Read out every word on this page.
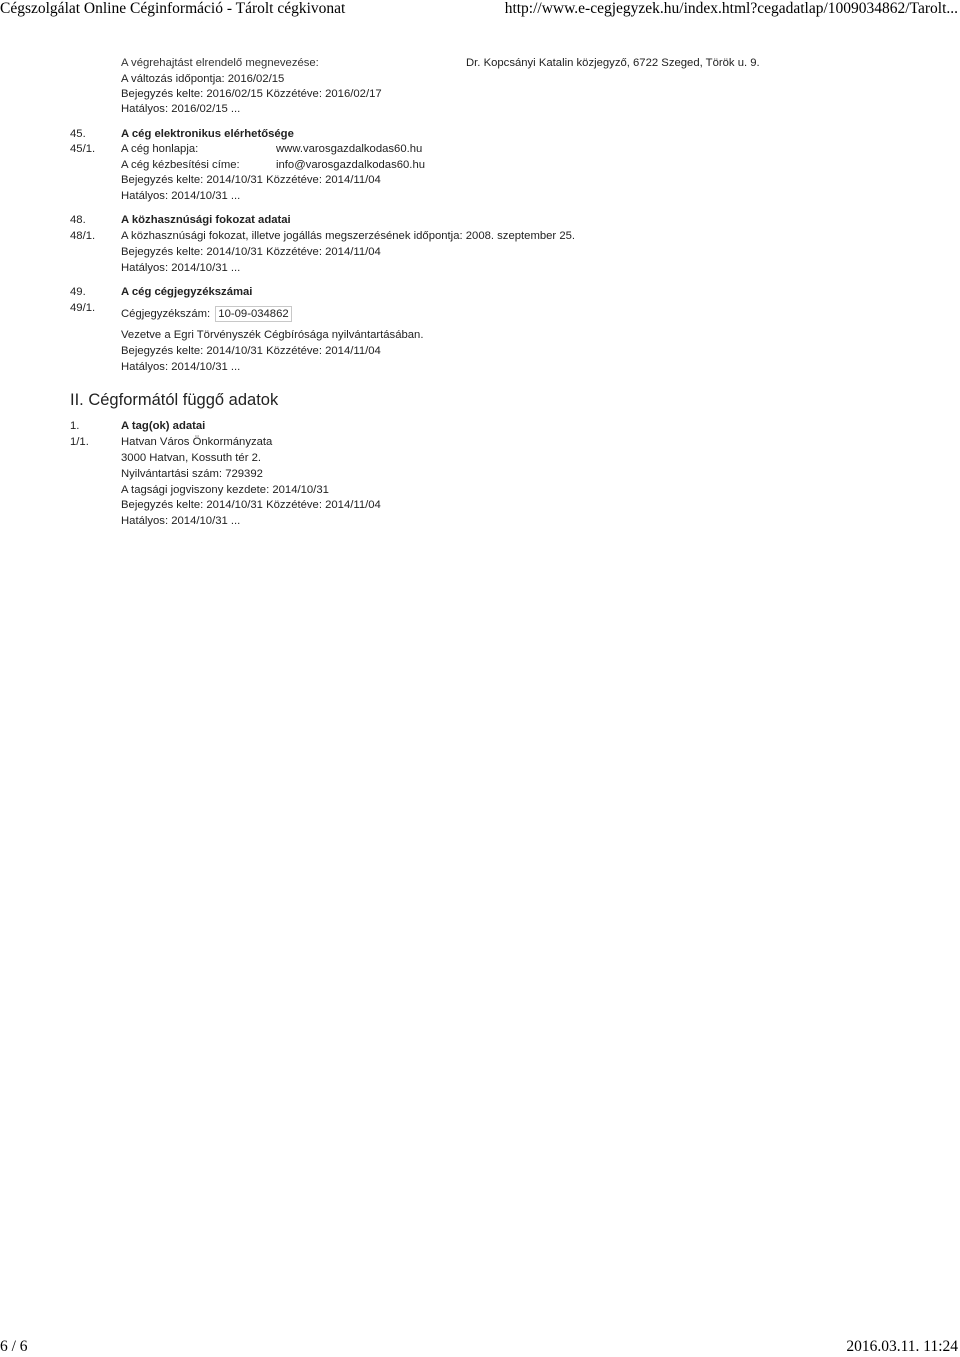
Cégszolgálat Online Céginformáció - Tárolt cégkivonat	http://www.e-cegjegyzek.hu/index.html?cegadatlap/1009034862/Tarolt...
A végrehajtást elrendelő megnevezése:	Dr. Kopcsányi Katalin közjegyző, 6722 Szeged, Török u. 9.
A változás időpontja: 2016/02/15
Bejegyzés kelte: 2016/02/15 Közzétéve: 2016/02/17
Hatályos: 2016/02/15 ...
45.	A cég elektronikus elérhetősége
45/1. A cég honlapja:	www.varosgazdalkodas60.hu
A cég kézbesítési címe:	info@varosgazdalkodas60.hu
Bejegyzés kelte: 2014/10/31 Közzétéve: 2014/11/04
Hatályos: 2014/10/31 ...
48.	A közhasznúsági fokozat adatai
48/1. A közhasznúsági fokozat, illetve jogállás megszerzésének időpontja: 2008. szeptember 25.
Bejegyzés kelte: 2014/10/31 Közzétéve: 2014/11/04
Hatályos: 2014/10/31 ...
49.	A cég cégjegyzékszámai
49/1. Cégjegyzékszám: 10-09-034862
Vezetve a Egri Törvényszék Cégbírósága nyilvántartásában.
Bejegyzés kelte: 2014/10/31 Közzétéve: 2014/11/04
Hatályos: 2014/10/31 ...
II. Cégformától függő adatok
1.	A tag(ok) adatai
1/1.	Hatvan Város Önkormányzata
3000 Hatvan, Kossuth tér 2.
Nyilvántartási szám: 729392
A tagsági jogviszony kezdete: 2014/10/31
Bejegyzés kelte: 2014/10/31 Közzétéve: 2014/11/04
Hatályos: 2014/10/31 ...
6 / 6	2016.03.11. 11:24
